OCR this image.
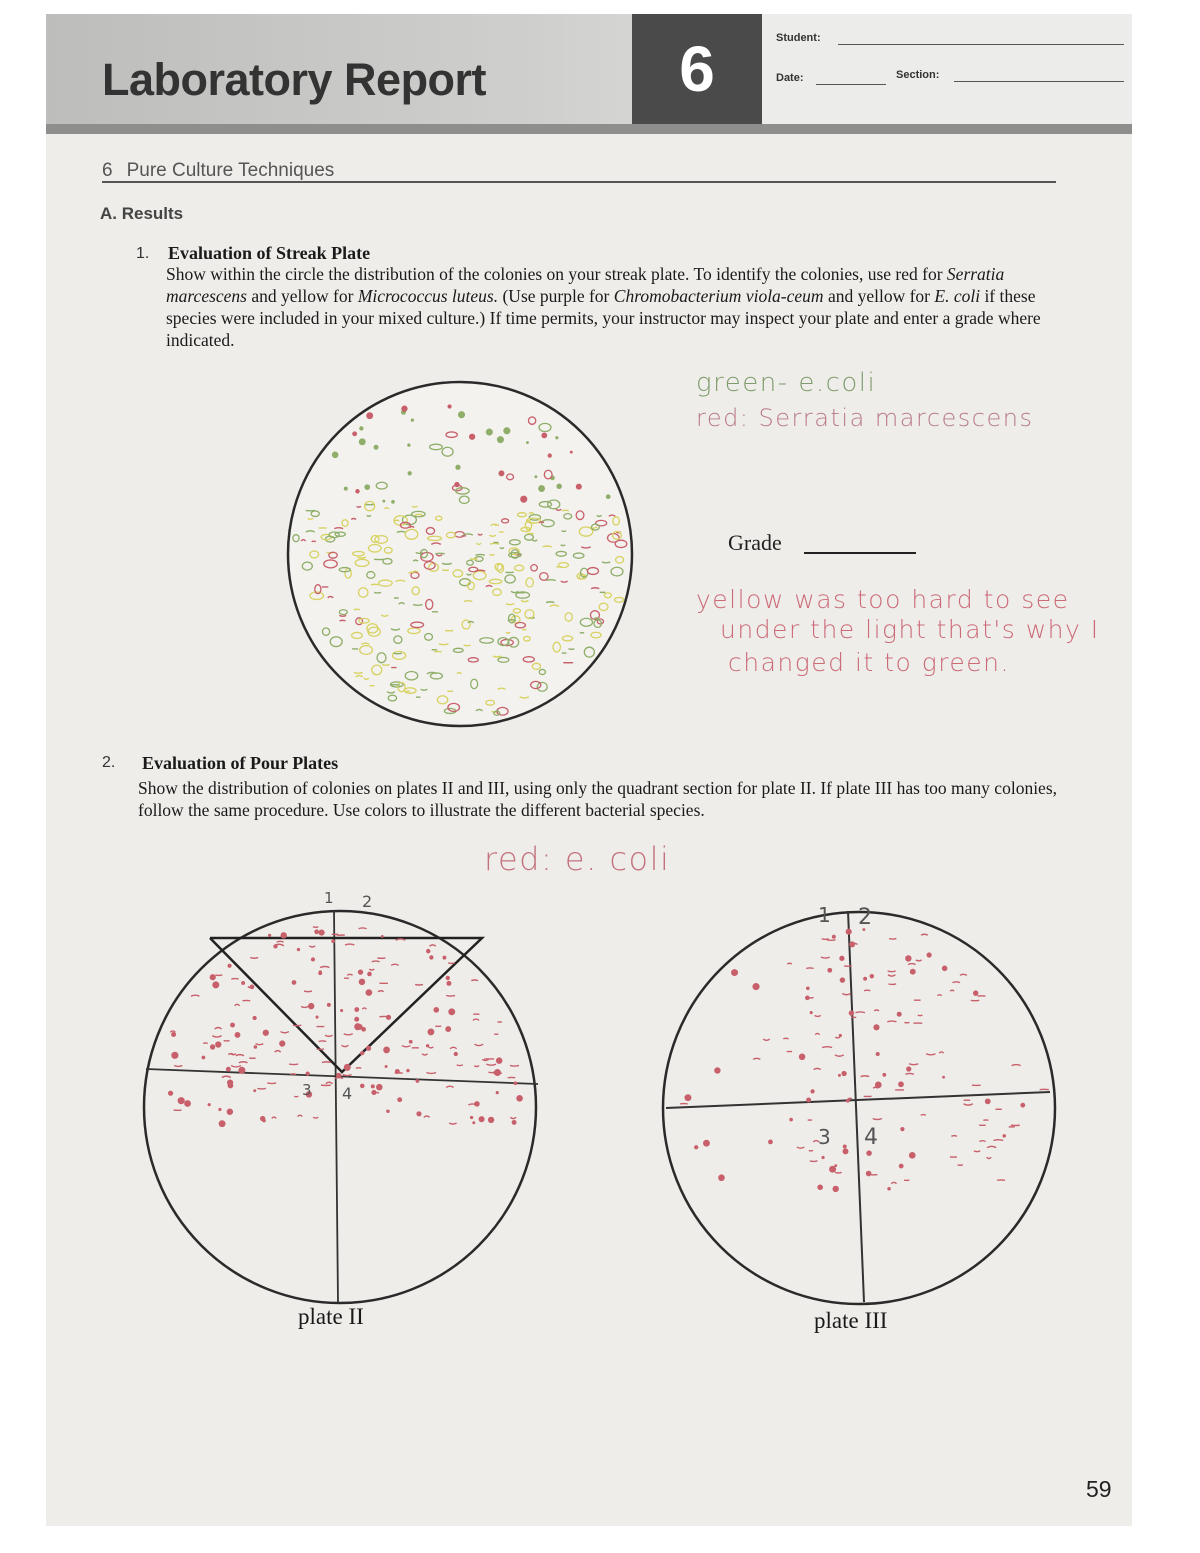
Laboratory Report	6	Student:
Date:	Section:
6 Pure Culture Techniques
A. Results
1. Evaluation of Streak Plate
Show within the circle the distribution of the colonies on your streak plate. To identify the colonies, use red for Serratia marcescens and yellow for Micrococcus luteus. (Use purple for Chromobacterium viola-ceum and yellow for E. coli if these species were included in your mixed culture.) If time permits, your instructor may inspect your plate and enter a grade where indicated.
green- e.coli
red: Serratia marcescens
Grade
yellow was too hard to see
under the light that's why I
changed it to green.
2. Evaluation of Pour Plates
Show the distribution of colonies on plates II and III, using only the quadrant section for plate II. If plate III has too many colonies, follow the same procedure. Use colors to illustrate the different bacterial species.
red: e. coli
1 2
3 4
1 2
3 4
plate II	plate III
59
